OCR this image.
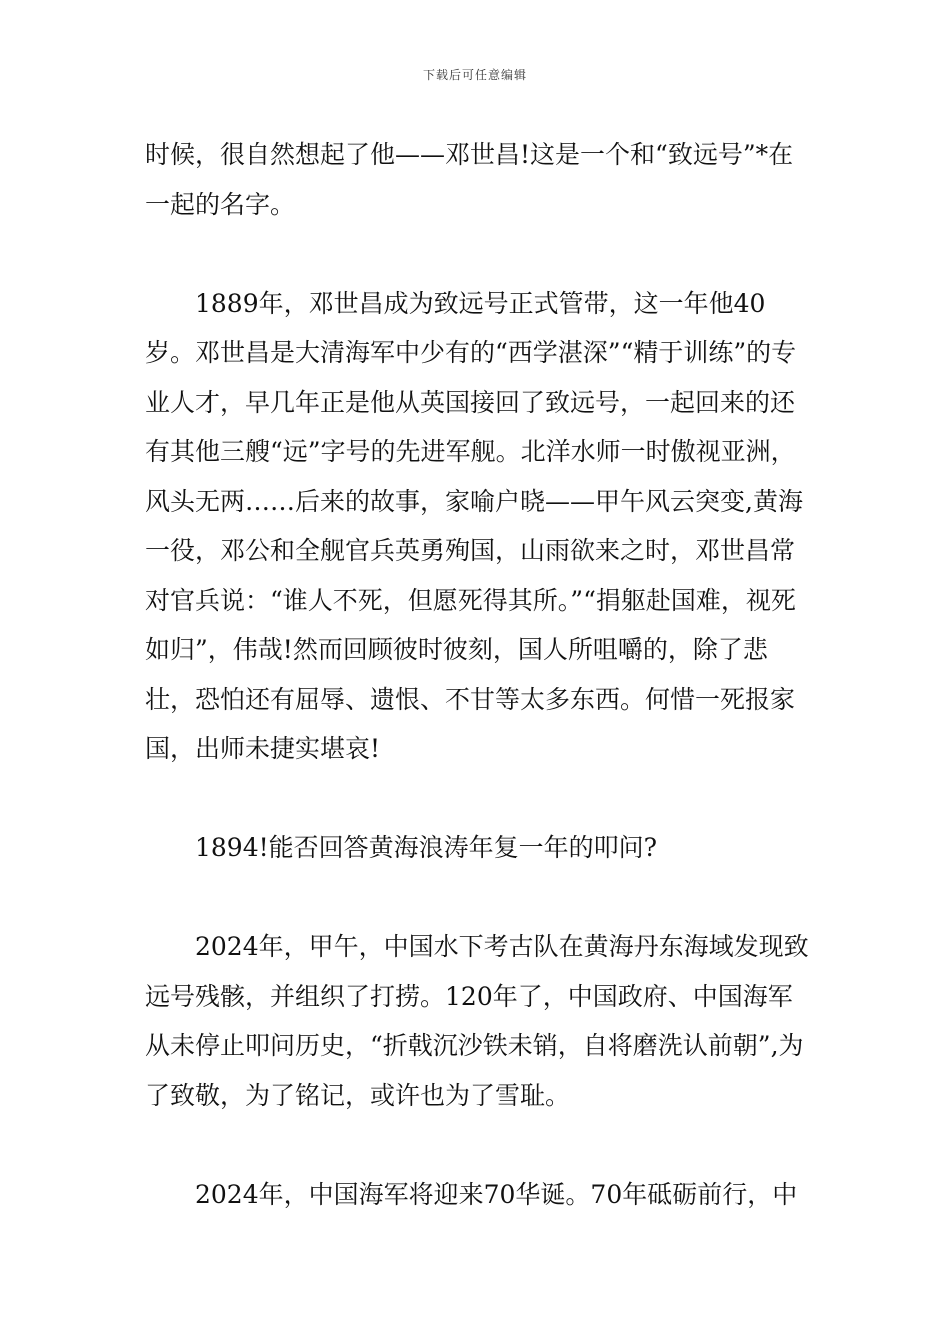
下载后可任意编辑

时候，很自然想起了他——邓世昌!这是一个和“致远号”*在一起的名字。

1889年，邓世昌成为致远号正式管带，这一年他40岁。邓世昌是大清海军中少有的“西学湛深”“精于训练”的专业人才，早几年正是他从英国接回了致远号，一起回来的还有其他三艘“远”字号的先进军舰。北洋水师一时傲视亚洲，风头无两……后来的故事，家喻户晓——甲午风云突变,黄海一役，邓公和全舰官兵英勇殉国，山雨欲来之时，邓世昌常对官兵说：“谁人不死，但愿死得其所。”“捐躯赴国难，视死如归”，伟哉!然而回顾彼时彼刻，国人所咀嚼的，除了悲壮，恐怕还有屈辱、遗恨、不甘等太多东西。何惜一死报家国，出师未捷实堪哀!

1894!能否回答黄海浪涛年复一年的叩问?

2024年，甲午，中国水下考古队在黄海丹东海域发现致远号残骸，并组织了打捞。120年了，中国政府、中国海军从未停止叩问历史，“折戟沉沙铁未销，自将磨洗认前朝”,为了致敬，为了铭记，或许也为了雪耻。

2024年，中国海军将迎来70华诞。70年砥砺前行，中
